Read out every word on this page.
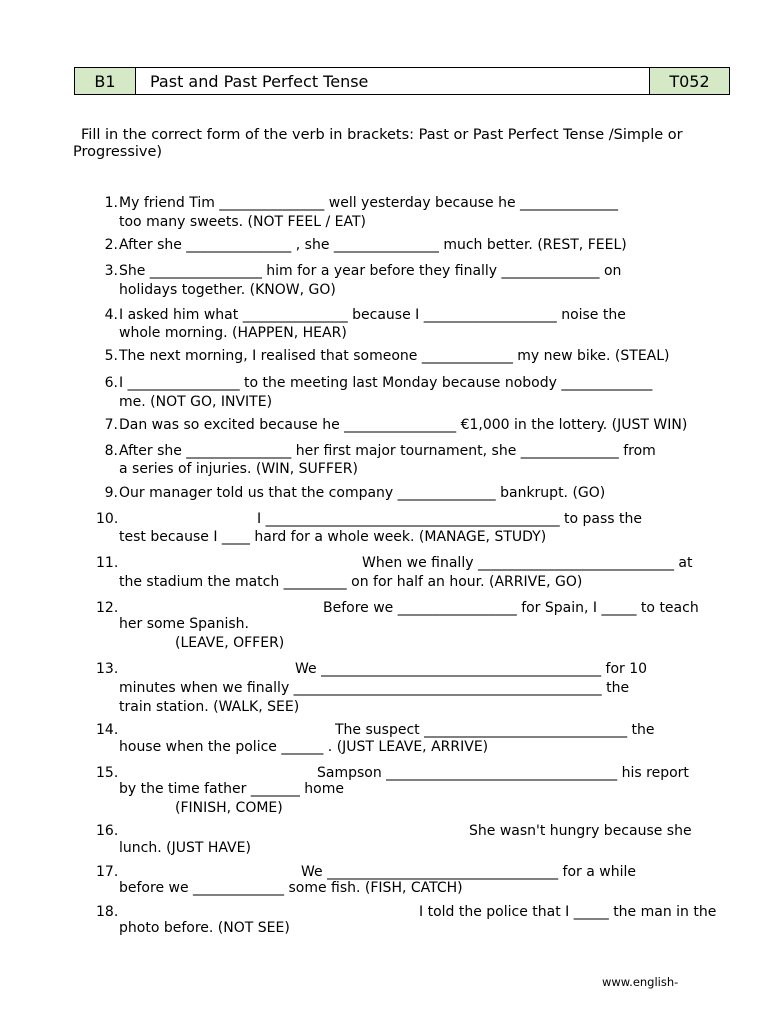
B1	Past and Past Perfect Tense	T052
Fill in the correct form of the verb in brackets: Past or Past Perfect Tense /Simple or Progressive)
1. My friend Tim _______________ well yesterday because he ______________
too many sweets. (NOT FEEL / EAT)
2. After she _______________ , she _______________ much better. (REST, FEEL)
3. She ________________ him for a year before they finally ______________ on
holidays together. (KNOW, GO)
4. I asked him what _______________ because I ___________________ noise the
whole morning. (HAPPEN, HEAR)
5. The next morning, I realised that someone _____________ my new bike. (STEAL)
6. I ________________ to the meeting last Monday because nobody _____________
me. (NOT GO, INVITE)
7. Dan was so excited because he ________________ €1,000 in the lottery. (JUST WIN)
8. After she _______________ her first major tournament, she ______________ from
a series of injuries. (WIN, SUFFER)
9. Our manager told us that the company ______________ bankrupt. (GO)
10.	I __________________________________________ to pass the
test because I ____ hard for a whole week. (MANAGE, STUDY)
11.	When we finally ____________________________ at
the stadium the match _________ on for half an hour. (ARRIVE, GO)
12.	Before we _________________ for Spain, I _____ to teach
her some Spanish.
(LEAVE, OFFER)
13.	We ________________________________________ for 10
minutes when we finally ____________________________________________ the
train station. (WALK, SEE)
14.	The suspect _____________________________ the
house when the police ______ . (JUST LEAVE, ARRIVE)
15.	Sampson _________________________________ his report
by the time father _______ home
(FINISH, COME)
16.	She wasn't hungry because she
lunch. (JUST HAVE)
17.	We _________________________________ for a while
before we _____________ some fish. (FISH, CATCH)
18.	I told the police that I _____ the man in the
photo before. (NOT SEE)
www.english-
